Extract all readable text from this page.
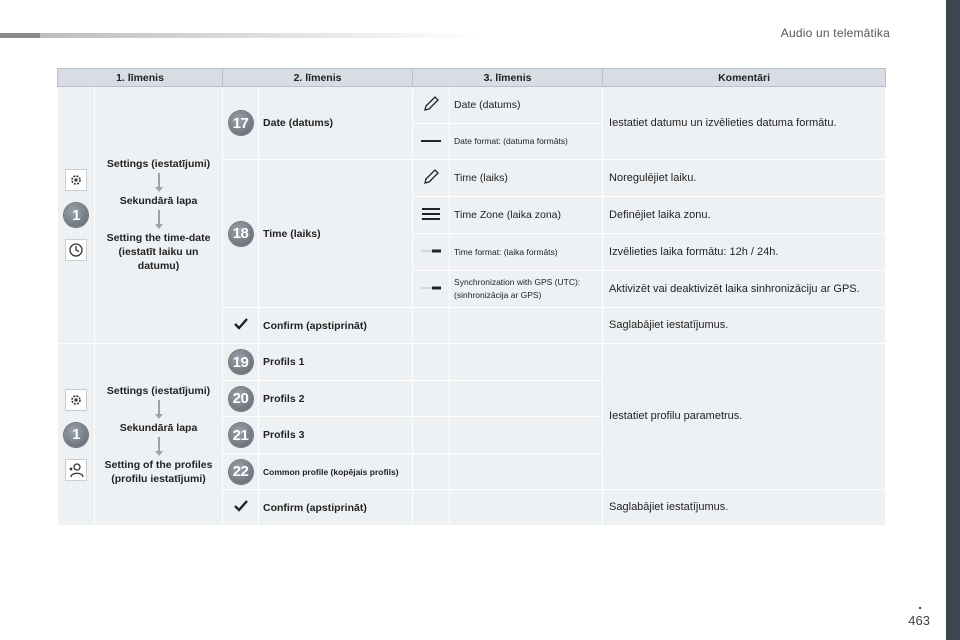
Audio un telemātika
.
463
1. līmenis		2. līmenis		3. līmenis		Komentāri

1	Settings (iestatījumi)
Sekundārā lapa
Setting the time-date (iestatīt laiku un datumu)	17	Date (datums)		Date (datums)	Iestatiet datumu un izvēlieties datuma formātu.
	Date format: (datuma formāts)	
		18	Time (laiks)		Time (laiks)	Noregulējiet laiku.
	Time Zone (laika zona)	Definējiet laika zonu.
	Time format: (laika formāts)	Izvēlieties laika formātu: 12h / 24h.
	Synchronization with GPS (UTC): (sinhronizācija ar GPS)	Aktivizēt vai deaktivizēt laika sinhronizāciju ar GPS.
	Confirm (apstiprināt)			Saglabājiet iestatījumus.

1	Settings (iestatījumi)
Sekundārā lapa
Setting of the profiles (profilu iestatījumi)	19	Profils 1			Iestatiet profilu parametrus.
		20	Profils 2			
		21	Profils 3			
		22	Common profile (kopējais profils)			
	Confirm (apstiprināt)			Saglabājiet iestatījumus.
